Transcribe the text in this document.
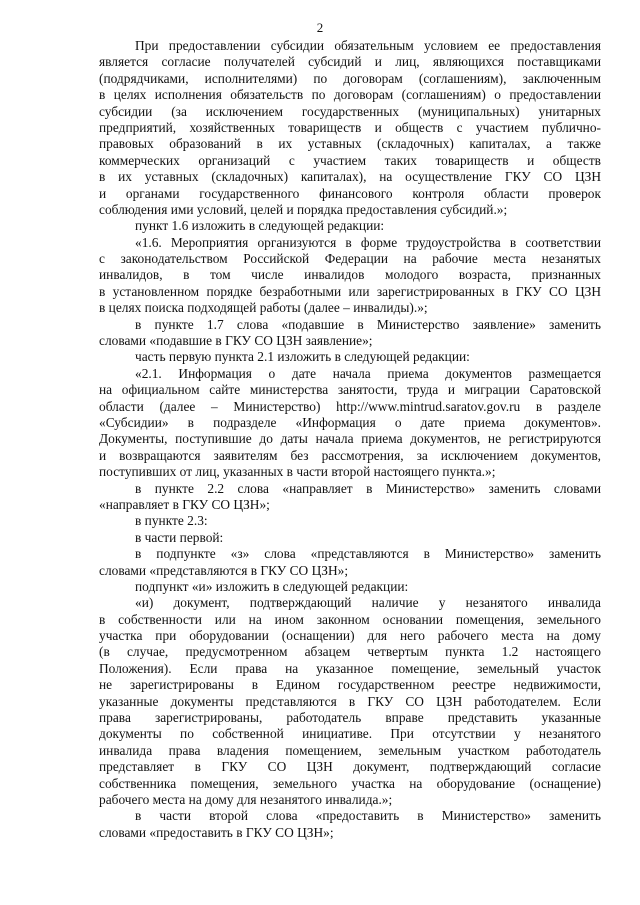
2
При предоставлении субсидии обязательным условием ее предоставления
является согласие получателей субсидий и лиц, являющихся поставщиками
(подрядчиками, исполнителями) по договорам (соглашениям), заключенным
в целях исполнения обязательств по договорам (соглашениям) о предоставлении
субсидии (за исключением государственных (муниципальных) унитарных
предприятий, хозяйственных товариществ и обществ с участием публично-
правовых образований в их уставных (складочных) капиталах, а также
коммерческих организаций с участием таких товариществ и обществ
в их уставных (складочных) капиталах), на осуществление ГКУ СО ЦЗН
и органами государственного финансового контроля области проверок
соблюдения ими условий, целей и порядка предоставления субсидий.»;
пункт 1.6 изложить в следующей редакции:
«1.6. Мероприятия организуются в форме трудоустройства в соответствии
с законодательством Российской Федерации на рабочие места незанятых
инвалидов, в том числе инвалидов молодого возраста, признанных
в установленном порядке безработными или зарегистрированных в ГКУ СО ЦЗН
в целях поиска подходящей работы (далее – инвалиды).»;
в пункте 1.7 слова «подавшие в Министерство заявление» заменить
словами «подавшие в ГКУ СО ЦЗН заявление»;
часть первую пункта 2.1 изложить в следующей редакции:
«2.1. Информация о дате начала приема документов размещается
на официальном сайте министерства занятости, труда и миграции Саратовской
области (далее – Министерство) http://www.mintrud.saratov.gov.ru в разделе
«Субсидии» в подразделе «Информация о дате приема документов».
Документы, поступившие до даты начала приема документов, не регистрируются
и возвращаются заявителям без рассмотрения, за исключением документов,
поступивших от лиц, указанных в части второй настоящего пункта.»;
в пункте 2.2 слова «направляет в Министерство» заменить словами
«направляет в ГКУ СО ЦЗН»;
в пункте 2.3:
в части первой:
в подпункте «з» слова «представляются в Министерство» заменить
словами «представляются в ГКУ СО ЦЗН»;
подпункт «и» изложить в следующей редакции:
«и) документ, подтверждающий наличие у незанятого инвалида
в собственности или на ином законном основании помещения, земельного
участка при оборудовании (оснащении) для него рабочего места на дому
(в случае, предусмотренном абзацем четвертым пункта 1.2 настоящего
Положения). Если права на указанное помещение, земельный участок
не зарегистрированы в Едином государственном реестре недвижимости,
указанные документы представляются в ГКУ СО ЦЗН работодателем. Если
права зарегистрированы, работодатель вправе представить указанные
документы по собственной инициативе. При отсутствии у незанятого
инвалида права владения помещением, земельным участком работодатель
представляет в ГКУ СО ЦЗН документ, подтверждающий согласие
собственника помещения, земельного участка на оборудование (оснащение)
рабочего места на дому для незанятого инвалида.»;
в части второй слова «предоставить в Министерство» заменить
словами «предоставить в ГКУ СО ЦЗН»;
